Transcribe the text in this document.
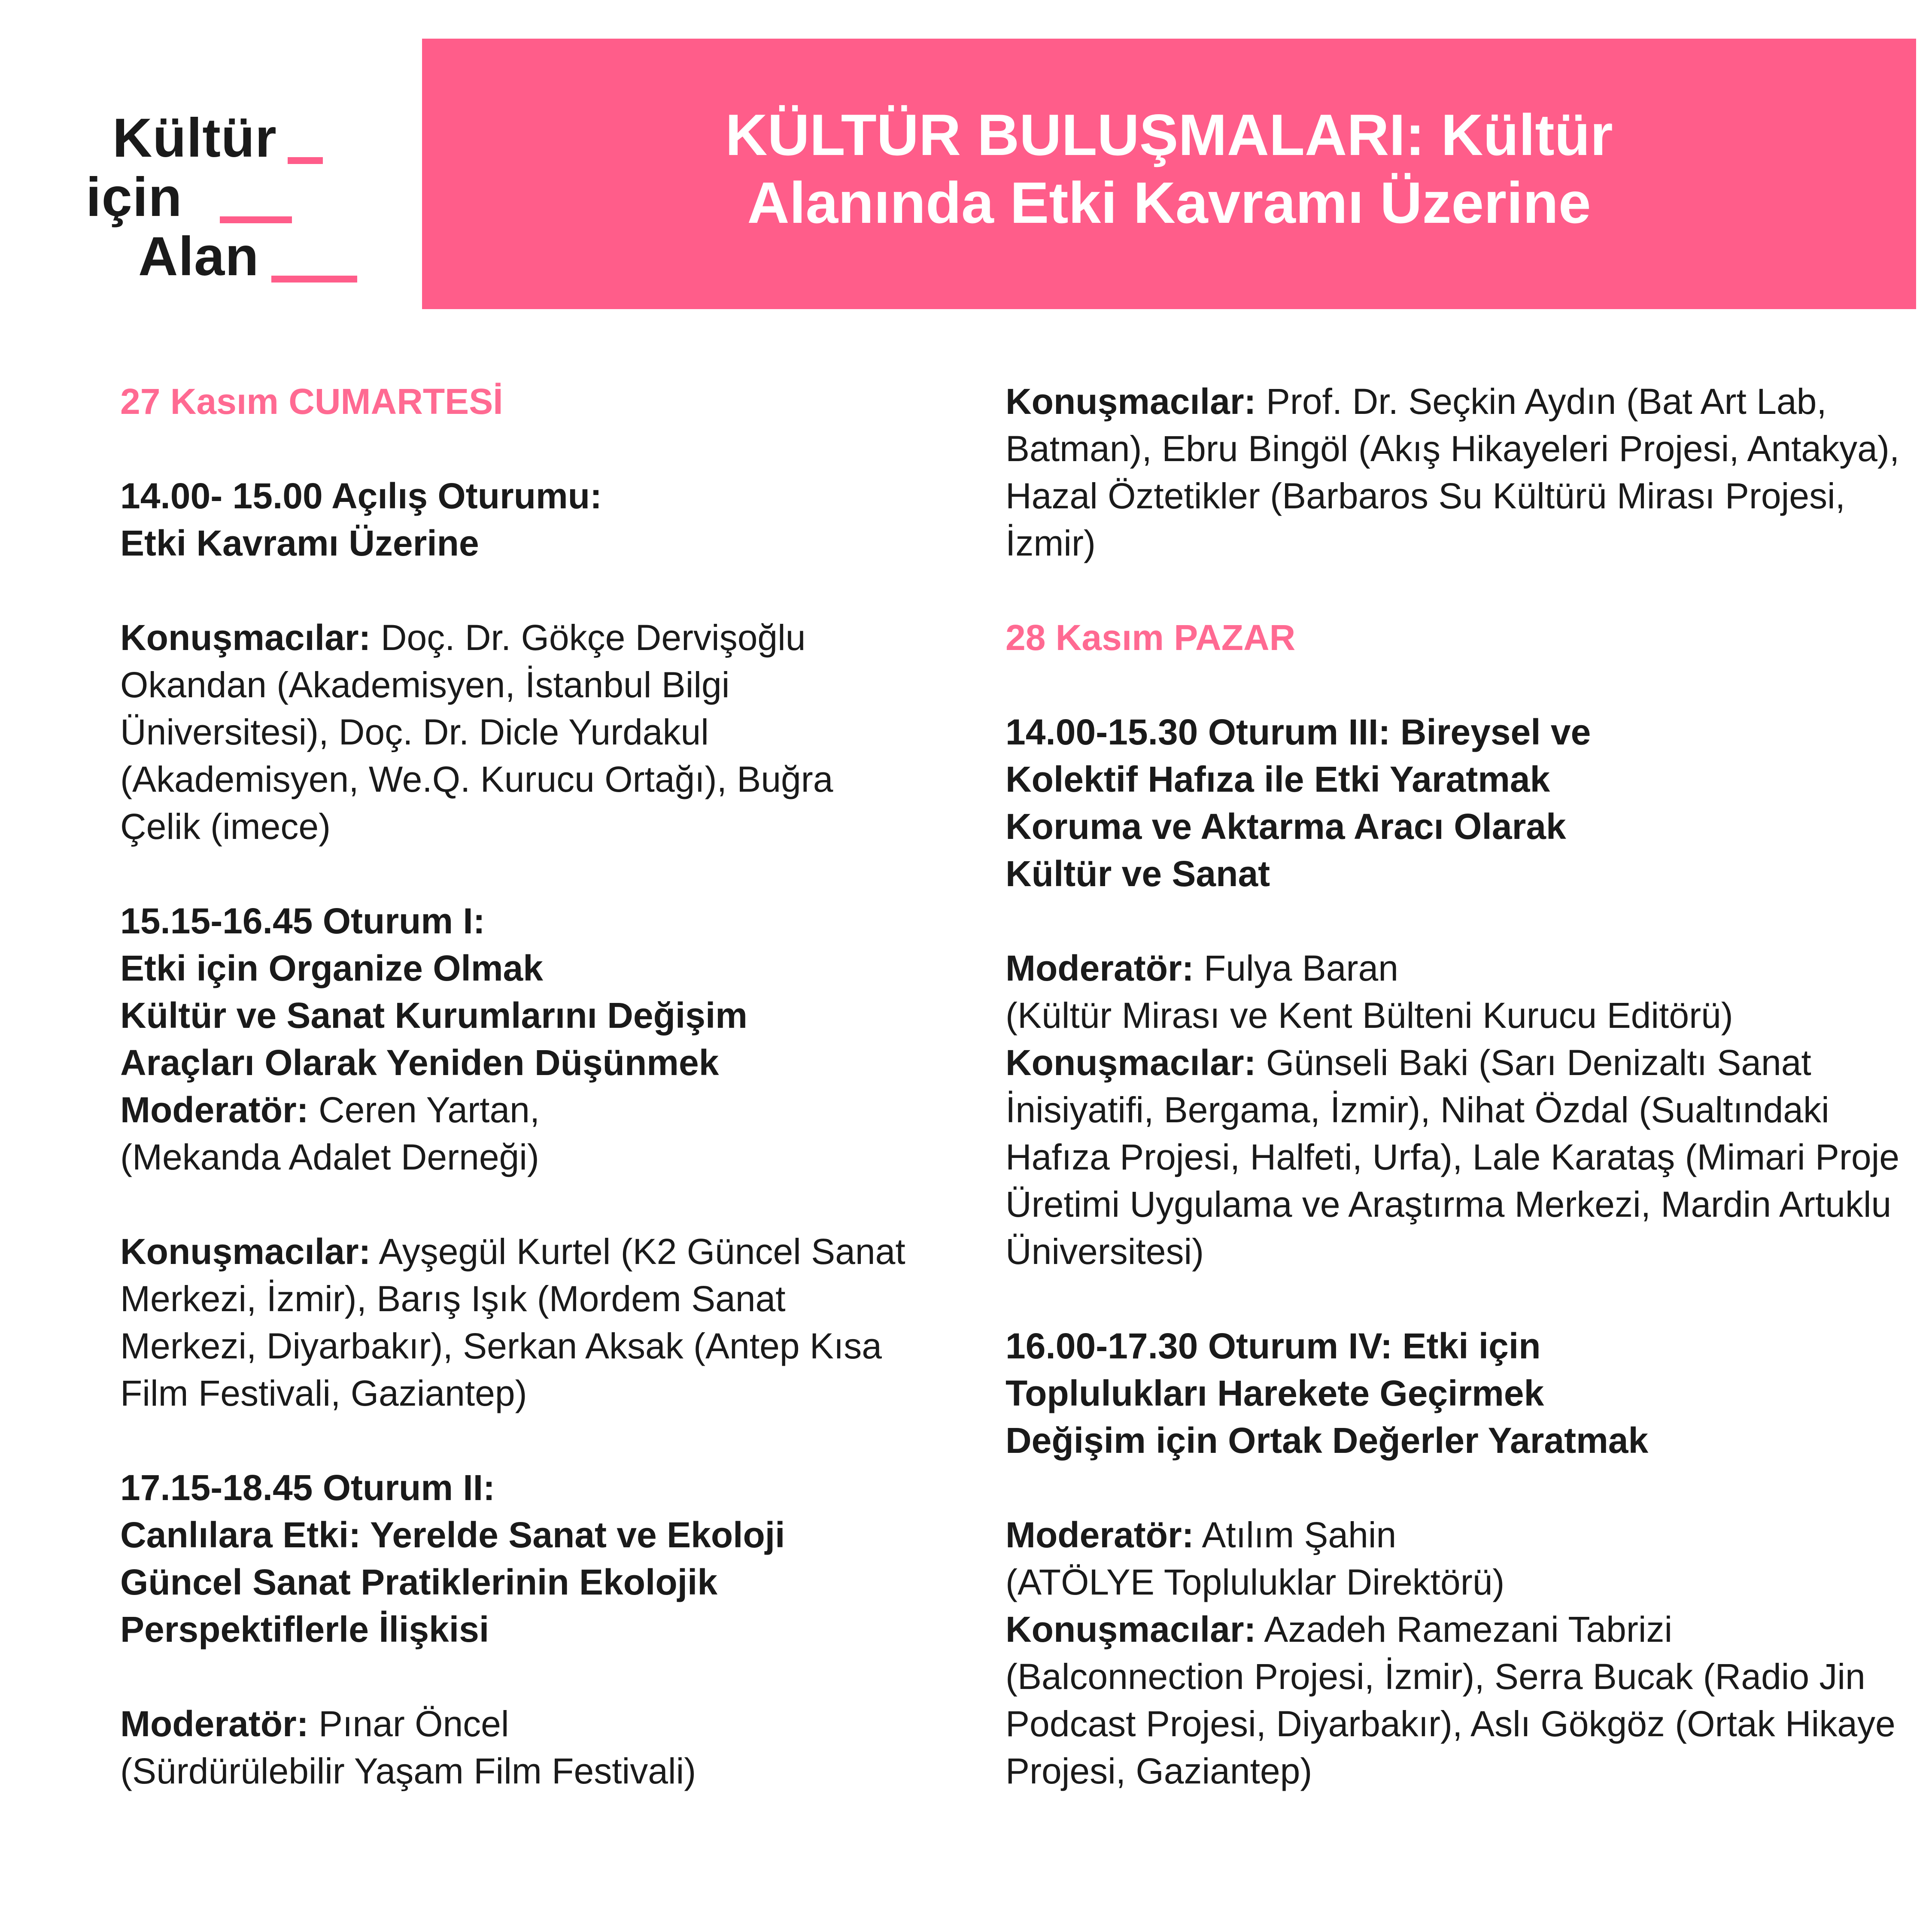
Kültür
için
Alan
KÜLTÜR BULUŞMALARI: Kültür
Alanında Etki Kavramı Üzerine

27 Kasım CUMARTESİ

14.00- 15.00 Açılış Oturumu:

Etki Kavramı Üzerine

Konuşmacılar: Doç. Dr. Gökçe Dervişoğlu Okandan (Akademisyen, İstanbul Bilgi Üniversitesi), Doç. Dr. Dicle Yurdakul (Akademisyen, We.Q. Kurucu Ortağı), Buğra Çelik (imece)

15.15-16.45 Oturum I:

Etki için Organize Olmak

Kültür ve Sanat Kurumlarını Değişim

Araçları Olarak Yeniden Düşünmek

Moderatör: Ceren Yartan,

(Mekanda Adalet Derneği)

Konuşmacılar: Ayşegül Kurtel (K2 Güncel Sanat Merkezi, İzmir), Barış Işık (Mordem Sanat Merkezi, Diyarbakır), Serkan Aksak (Antep Kısa Film Festivali, Gaziantep)

17.15-18.45 Oturum II:

Canlılara Etki: Yerelde Sanat ve Ekoloji

Güncel Sanat Pratiklerinin Ekolojik

Perspektiflerle İlişkisi

Moderatör: Pınar Öncel

(Sürdürülebilir Yaşam Film Festivali)

Konuşmacılar: Prof. Dr. Seçkin Aydın (Bat Art Lab, Batman), Ebru Bingöl (Akış Hikayeleri Projesi, Antakya), Hazal Öztetikler (Barbaros Su Kültürü Mirası Projesi, İzmir)

28 Kasım PAZAR

14.00-15.30 Oturum III: Bireysel ve

Kolektif Hafıza ile Etki Yaratmak

Koruma ve Aktarma Aracı Olarak

Kültür ve Sanat

Moderatör: Fulya Baran

(Kültür Mirası ve Kent Bülteni Kurucu Editörü)

Konuşmacılar: Günseli Baki (Sarı Denizaltı Sanat İnisiyatifi, Bergama, İzmir), Nihat Özdal (Sualtındaki Hafıza Projesi, Halfeti, Urfa), Lale Karataş (Mimari Proje Üretimi Uygulama ve Araştırma Merkezi, Mardin Artuklu Üniversitesi)

16.00-17.30 Oturum IV: Etki için

Toplulukları Harekete Geçirmek

Değişim için Ortak Değerler Yaratmak

Moderatör: Atılım Şahin

(ATÖLYE Topluluklar Direktörü)

Konuşmacılar: Azadeh Ramezani Tabrizi (Balconnection Projesi, İzmir), Serra Bucak (Radio Jin Podcast Projesi, Diyarbakır), Aslı Gökgöz (Ortak Hikaye Projesi, Gaziantep)
